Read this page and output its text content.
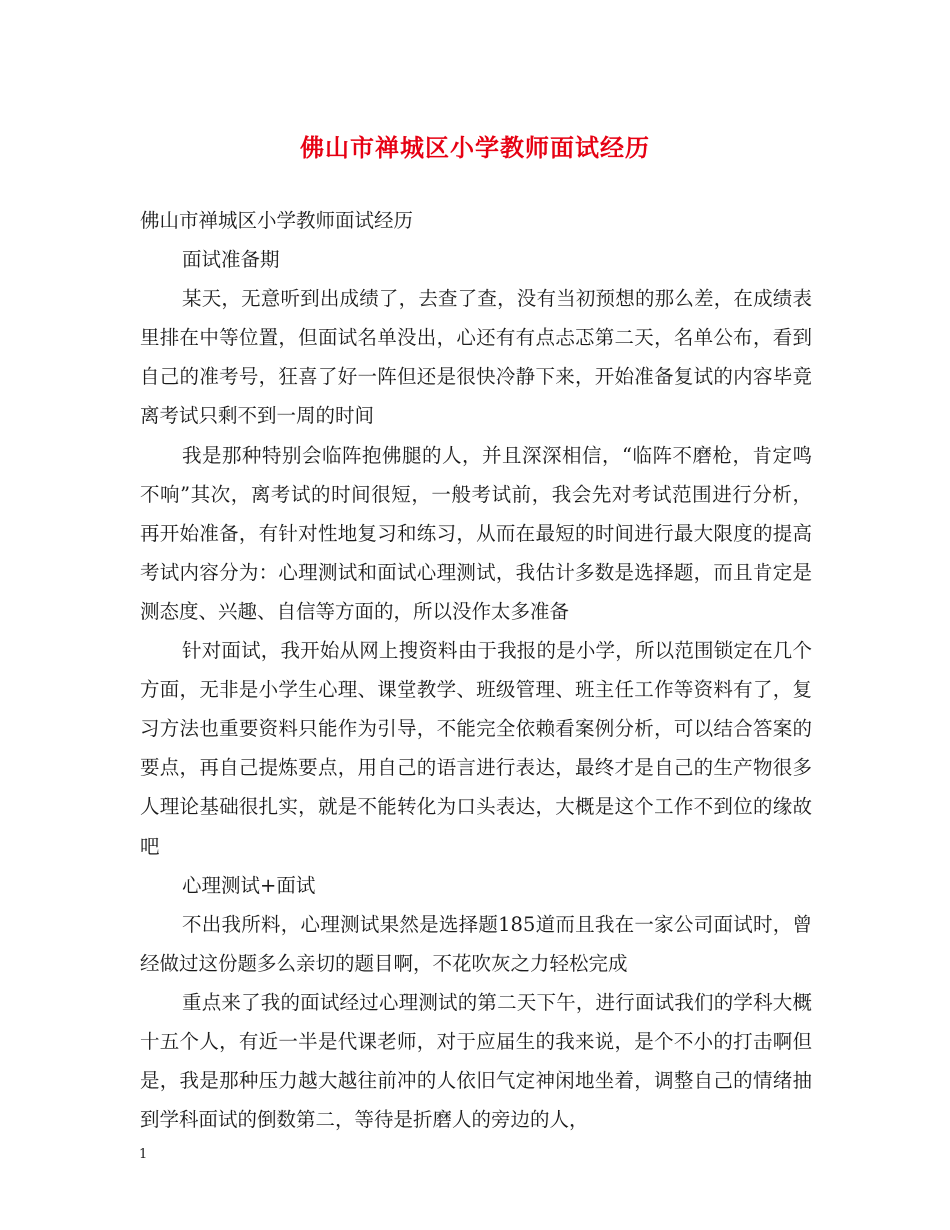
佛山市禅城区小学教师面试经历

佛山市禅城区小学教师面试经历

面试准备期

某天，无意听到出成绩了，去查了查，没有当初预想的那么差，在成绩表里排在中等位置，但面试名单没出，心还有有点忐忑第二天，名单公布，看到自己的准考号，狂喜了好一阵但还是很快冷静下来，开始准备复试的内容毕竟离考试只剩不到一周的时间

我是那种特别会临阵抱佛腿的人，并且深深相信，“临阵不磨枪，肯定鸣不响”其次，离考试的时间很短，一般考试前，我会先对考试范围进行分析，再开始准备，有针对性地复习和练习，从而在最短的时间进行最大限度的提高考试内容分为：心理测试和面试心理测试，我估计多数是选择题，而且肯定是测态度、兴趣、自信等方面的，所以没作太多准备

针对面试，我开始从网上搜资料由于我报的是小学，所以范围锁定在几个方面，无非是小学生心理、课堂教学、班级管理、班主任工作等资料有了，复习方法也重要资料只能作为引导，不能完全依赖看案例分析，可以结合答案的要点，再自己提炼要点，用自己的语言进行表达，最终才是自己的生产物很多人理论基础很扎实，就是不能转化为口头表达，大概是这个工作不到位的缘故吧

心理测试+面试

不出我所料，心理测试果然是选择题185道而且我在一家公司面试时，曾经做过这份题多么亲切的题目啊，不花吹灰之力轻松完成

重点来了我的面试经过心理测试的第二天下午，进行面试我们的学科大概十五个人，有近一半是代课老师，对于应届生的我来说，是个不小的打击啊但是，我是那种压力越大越往前冲的人依旧气定神闲地坐着，调整自己的情绪抽到学科面试的倒数第二，等待是折磨人的旁边的人，

1
